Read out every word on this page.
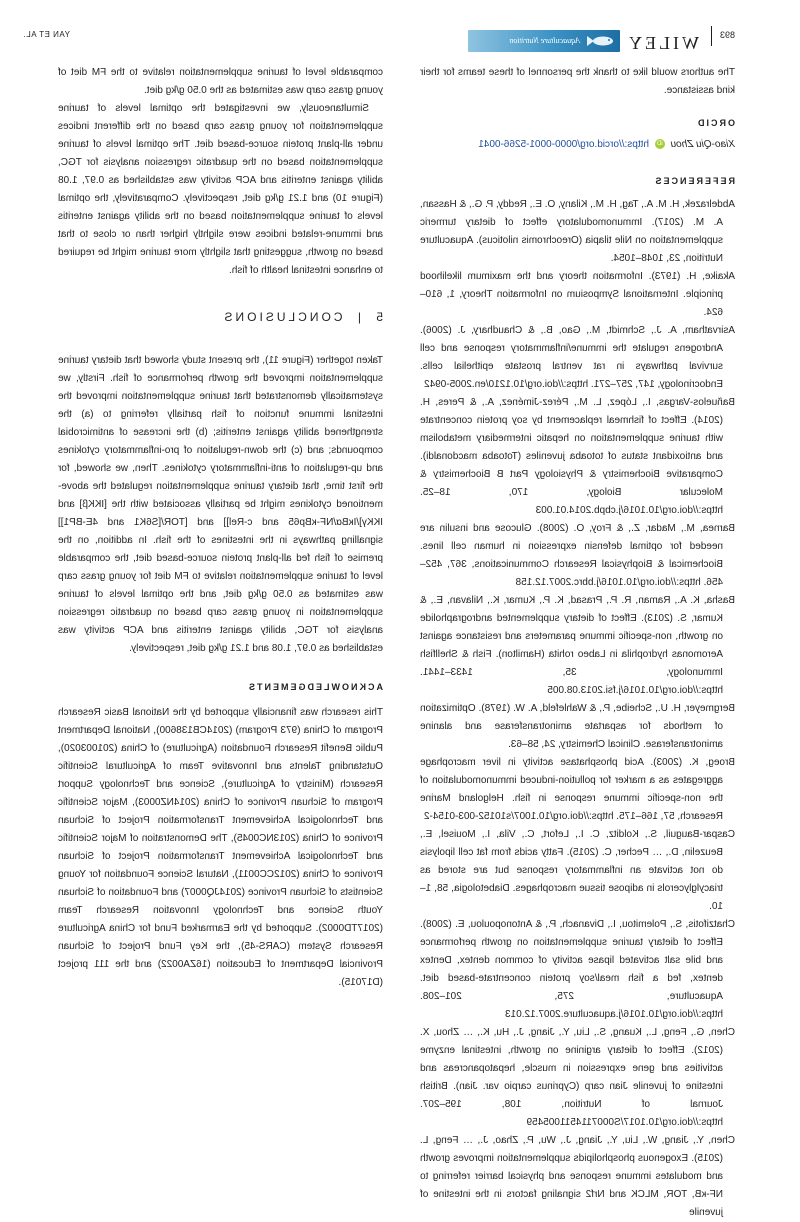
YAN ET AL.	893
WILEY
Aquaculture Nutrition

comparable level of taurine supplementation relative to the FM diet of young grass carp was estimated as the 0.50 g/kg diet.

Simultaneously, we investigated the optimal levels of taurine supplementation for young grass carp based on the different indices under all-plant protein source-based diet. The optimal levels of taurine supplementation based on the quadratic regression analysis for TGC, ability against enteritis and ACP activity was established as 0.97, 1.08 (Figure 10) and 1.21 g/kg diet, respectively. Comparatively, the optimal levels of taurine supplementation based on the ability against enteritis and immune-related indices were slightly higher than or close to that based on growth, suggesting that slightly more taurine might be required to enhance intestinal health of fish.

5 | CONCLUSIONS

Taken together (Figure 11), the present study showed that dietary taurine supplementation improved the growth performance of fish. Firstly, we systematically demonstrated that taurine supplementation improved the intestinal immune function of fish partially referring to (a) the strengthened ability against enteritis; (b) the increase of antimicrobial compounds; and (c) the down-regulation of pro-inflammatory cytokines and up-regulation of anti-inflammatory cytokines. Then, we showed, for the first time, that dietary taurine supplementation regulated the above-mentioned cytokines might be partially associated with the [IKKβ] and IKKγ]/IκBα/NF-κBp65 and c-Rel]] and [TOR/[S6K1 and 4E-BP1]] signalling pathways in the intestines of the fish. In addition, on the premise of fish fed all-plant protein source-based diet, the comparable level of taurine supplementation relative to FM diet for young grass carp was estimated as 0.50 g/kg diet, and the optimal levels of taurine supplementation in young grass carp based on quadratic regression analysis for TGC, ability against enteritis and ACP activity was established as 0.97, 1.08 and 1.21 g/kg diet, respectively.

ACKNOWLEDGEMENTS

This research was financially supported by the National Basic Research Program of China (973 Program) (2014CB138600), National Department Public Benefit Research Foundation (Agriculture) of China (201003020), Outstanding Talents and Innovative Team of Agricultural Scientific Research (Ministry of Agriculture), Science and Technology Support Program of Sichuan Province of China (2014NZ0003), Major Scientific and Technological Achievement Transformation Project of Sichuan Province of China (2013NC0045), The Demonstration of Major Scientific and Technological Achievement Transformation Project of Sichuan Province of China (2012CC0011), Natural Science Foundation for Young Scientists of Sichuan Province (2014JQ0007) and Foundation of Sichuan Youth Science and Technology Innovation Research Team (2017TD0002). Supported by the Earmarked Fund for China Agriculture Research System (CARS-45), the Key Fund Project of Sichuan Provincial Department of Education (16ZA0022) and the 111 project (D17015).

The authors would like to thank the personnel of these teams for their kind assistance.

ORCID

Xiao-Qiu Zhou iD https://orcid.org/0000-0001-5266-0041

REFERENCES

Abdelrazek, H. M. A., Tag, H. M., Kilany, O. E., Reddy, P. G., & Hassan, A. M. (2017). Immunomodulatory effect of dietary turmeric supplementation on Nile tilapia (Oreochromis niloticus). Aquaculture Nutrition, 23, 1048–1054.

Akaike, H. (1973). Information theory and the maximum likelihood principle. International Symposium on Information Theory, 1, 610–624.

Asirvatham, A. J., Schmidt, M., Gao, B., & Chaudhary, J. (2006). Androgens regulate the immune/inflammatory response and cell survival pathways in rat ventral prostate epithelial cells. Endocrinology, 147, 257–271. https://doi.org/10.1210/en.2005-0942

Bañuelos-Vargas, I., López, L. M., Pérez-Jiménez, A., & Peres, H. (2014). Effect of fishmeal replacement by soy protein concentrate with taurine supplementation on hepatic intermediary metabolism and antioxidant status of totoaba juveniles (Totoaba macdonaldi). Comparative Biochemistry & Physiology Part B Biochemistry & Molecular Biology, 170, 18–25. https://doi.org/10.1016/j.cbpb.2014.01.003

Barnea, M., Madar, Z., & Froy, O. (2008). Glucose and insulin are needed for optimal defensin expression in human cell lines. Biochemical & Biophysical Research Communications, 367, 452–456. https://doi.org/10.1016/j.bbrc.2007.12.158

Basha, K. A., Raman, R. P., Prasad, K. P., Kumar, K., Nilavan, E., & Kumar, S. (2013). Effect of dietary supplemented andrographolide on growth, non-specific immune parameters and resistance against Aeromonas hydrophila in Labeo rohita (Hamilton). Fish & Shellfish Immunology, 35, 1433–1441. https://doi.org/10.1016/j.fsi.2013.08.005

Bergmeyer, H. U., Scheibe, P., & Wahlefeld, A. W. (1978). Optimization of methods for aspartate aminotransferase and alanine aminotransferase. Clinical Chemistry, 24, 58–63.

Broeg, K. (2003). Acid phosphatase activity in liver macrophage aggregates as a marker for pollution-induced immunomodulation of the non-specific immune response in fish. Helgoland Marine Research, 57, 166–175. https://doi.org/10.1007/s10152-003-0154-2

Caspar-Bauguil, S., Kolditz, C. I., Lefort, C., Vila, I., Mouisel, E., Beuzelin, D., … Pecher, C. (2015). Fatty acids from fat cell lipolysis do not activate an inflammatory response but are stored as triacylglycerols in adipose tissue macrophages. Diabetologia, 58, 1–10.

Chatzifotis, S., Polemitou, I., Divanach, P., & Antonopoulou, E. (2008). Effect of dietary taurine supplementation on growth performance and bile salt activated lipase activity of common dentex, Dentex dentex, fed a fish meal/soy protein concentrate-based diet. Aquaculture, 275, 201–208. https://doi.org/10.1016/j.aquaculture.2007.12.013

Chen, G., Feng, L., Kuang, S., Liu, Y., Jiang, J., Hu, K., … Zhou, X. (2012). Effect of dietary arginine on growth, intestinal enzyme activities and gene expression in muscle, hepatopancreas and intestine of juvenile Jian carp (Cyprinus carpio var. Jian). British Journal of Nutrition, 108, 195–207. https://doi.org/10.1017/S0007114511005459

Chen, Y., Jiang, W., Liu, Y., Jiang, J., Wu, P., Zhao, J., … Feng, L. (2015). Exogenous phospholipids supplementation improves growth and modulates immune response and physical barrier referring to NF-κB, TOR, MLCK and Nrf2 signaling factors in the intestine of juvenile
